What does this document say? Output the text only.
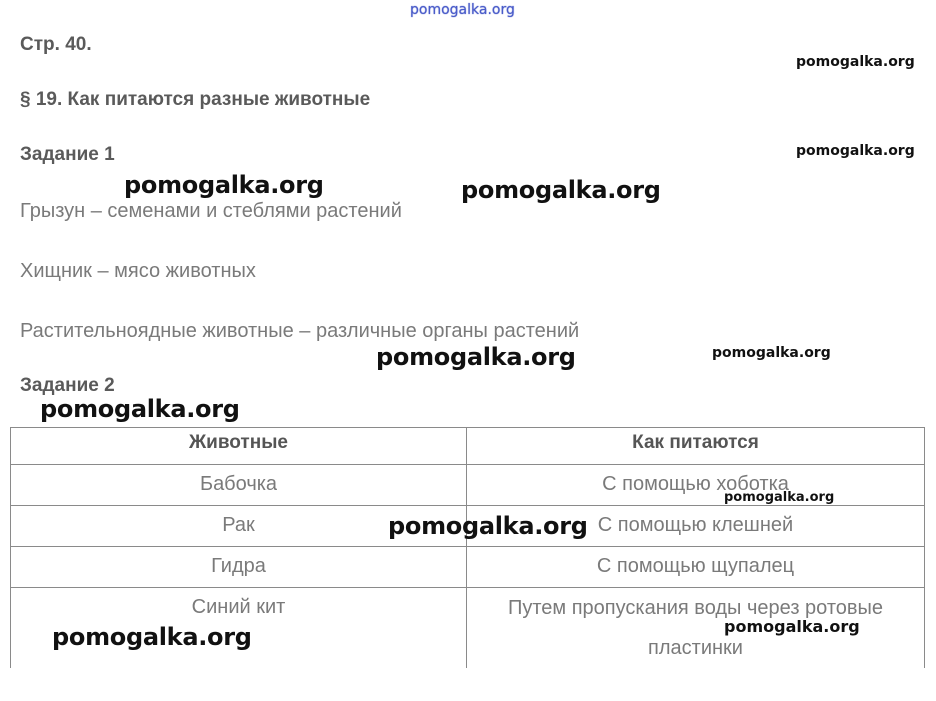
pomogalka.org
Стр. 40.
§ 19. Как питаются разные животные
Задание 1
Грызун – семенами и стеблями растений
Хищник – мясо животных
Растительноядные животные – различные органы растений
Задание 2
Животные	Как питаются
Бабочка	С помощью хоботка
Рак	С помощью клешней
Гидра	С помощью щупалец
Синий кит	Путем пропускания воды через ротовые пластинки
pomogalka.org
pomogalka.org
pomogalka.org	pomogalka.org
pomogalka.org	pomogalka.org
pomogalka.org
pomogalka.org
pomogalka.org
pomogalka.org
pomogalka.org
